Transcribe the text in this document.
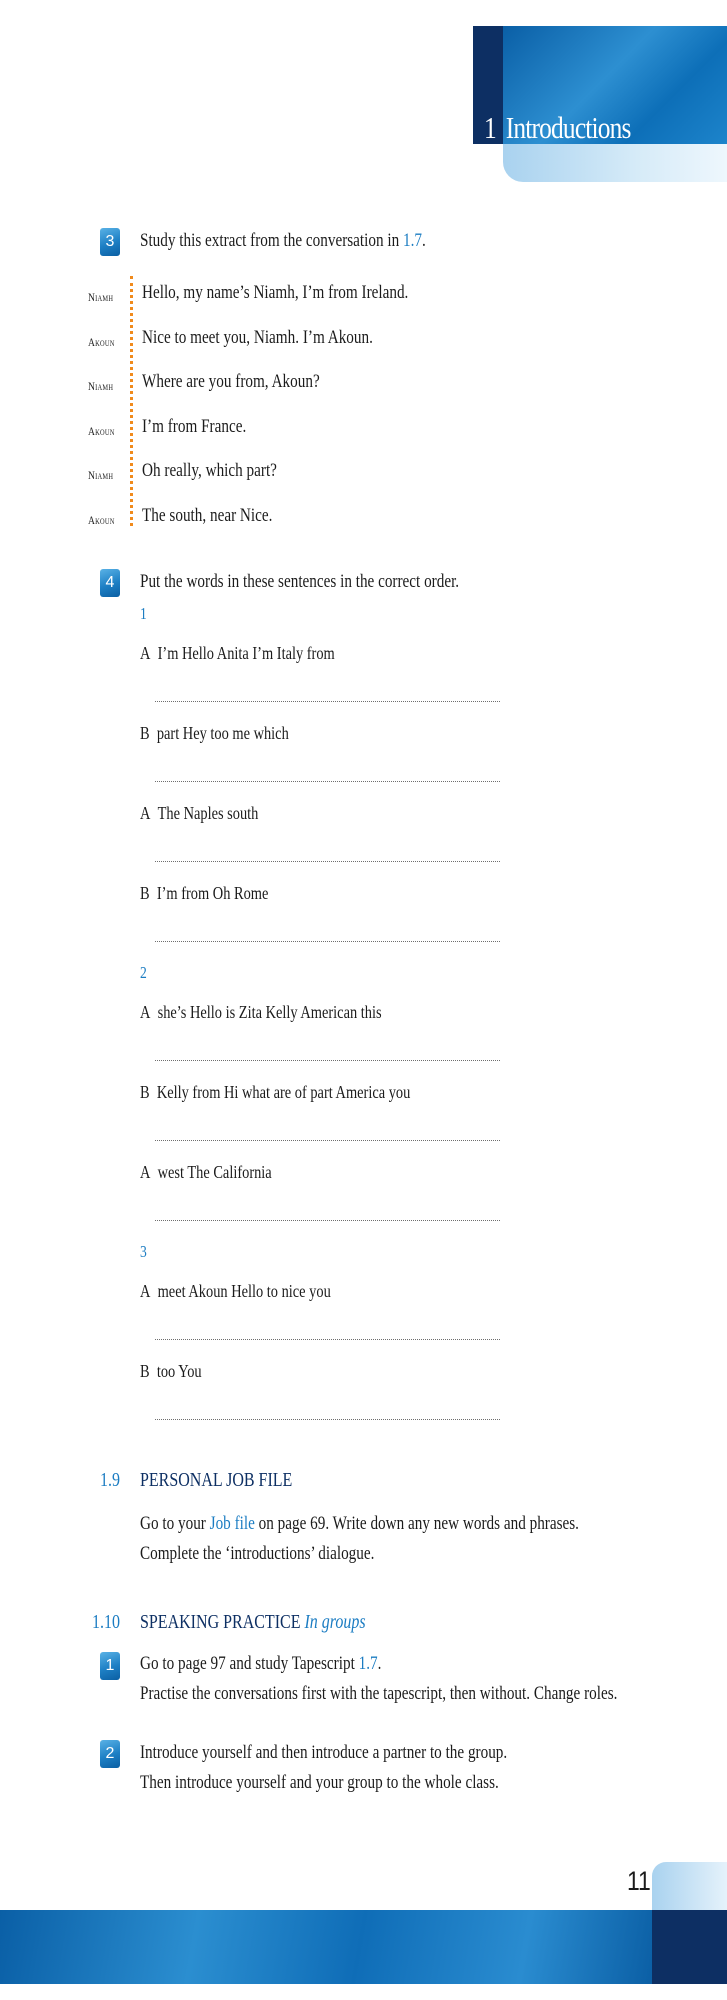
1 Introductions
3 Study this extract from the conversation in 1.7.
Niamh Hello, my name’s Niamh, I’m from Ireland.
Akoun Nice to meet you, Niamh. I’m Akoun.
Niamh Where are you from, Akoun?
Akoun I’m from France.
Niamh Oh really, which part?
Akoun The south, near Nice.
4 Put the words in these sentences in the correct order.
1
A I’m Hello Anita I’m Italy from
B part Hey too me which
A The Naples south
B I’m from Oh Rome
2
A she’s Hello is Zita Kelly American this
B Kelly from Hi what are of part America you
A west The California
3
A meet Akoun Hello to nice you
B too You
1.9 PERSONAL JOB FILE
Go to your Job file on page 69. Write down any new words and phrases.
Complete the ‘introductions’ dialogue.
1.10 SPEAKING PRACTICE In groups
1 Go to page 97 and study Tapescript 1.7.
Practise the conversations first with the tapescript, then without. Change roles.
2 Introduce yourself and then introduce a partner to the group.
Then introduce yourself and your group to the whole class.
11
